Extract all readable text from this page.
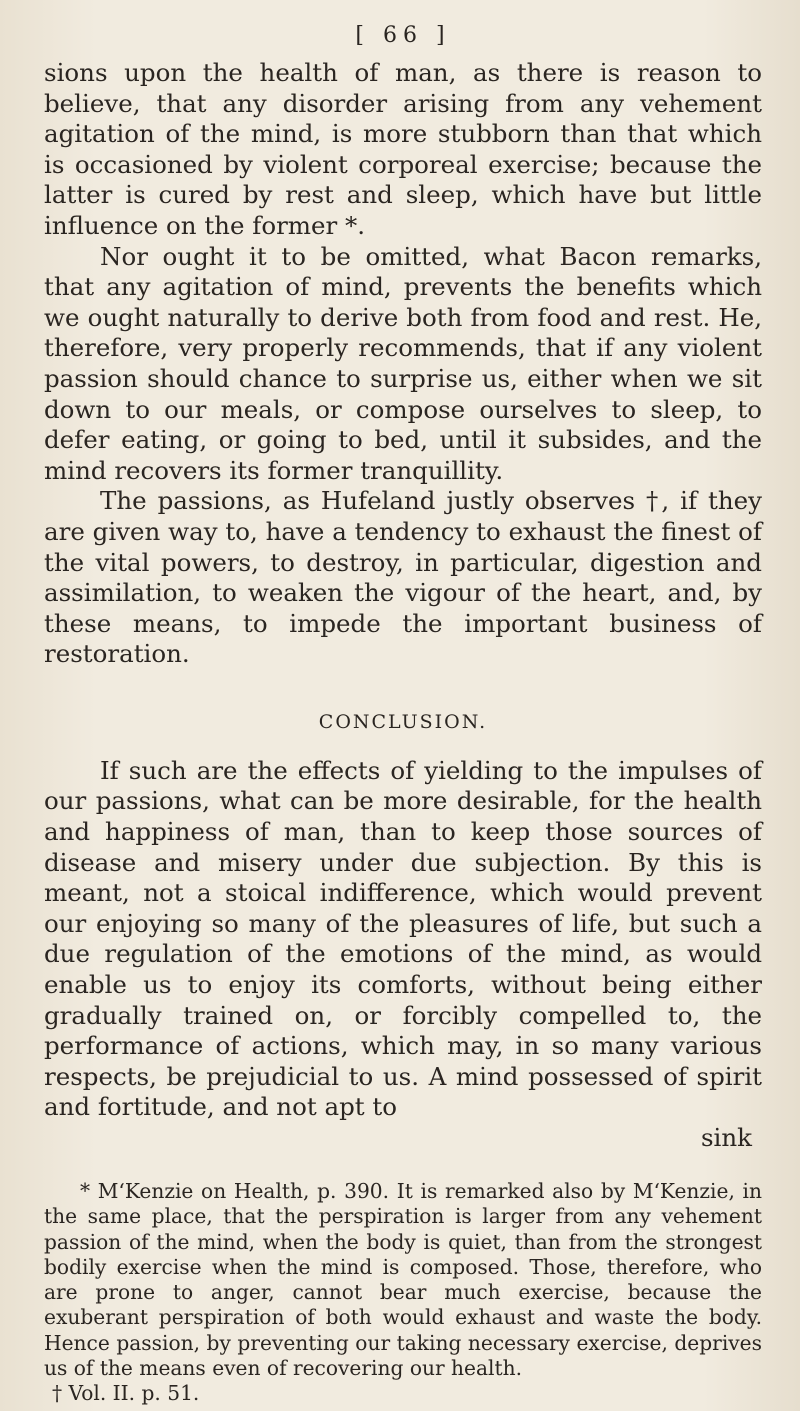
[ 66 ]

sions upon the health of man, as there is reason to believe, that any disorder arising from any vehement agitation of the mind, is more stubborn than that which is occasioned by violent corporeal exercise; because the latter is cured by rest and sleep, which have but little influence on the former *.

Nor ought it to be omitted, what Bacon remarks, that any agitation of mind, prevents the benefits which we ought naturally to derive both from food and rest. He, therefore, very properly recommends, that if any violent passion should chance to surprise us, either when we sit down to our meals, or compose ourselves to sleep, to defer eating, or going to bed, until it subsides, and the mind recovers its former tranquillity.

The passions, as Hufeland justly observes †, if they are given way to, have a tendency to exhaust the finest of the vital powers, to destroy, in particular, digestion and assimilation, to weaken the vigour of the heart, and, by these means, to impede the important business of restoration.

CONCLUSION.

If such are the effects of yielding to the impulses of our passions, what can be more desirable, for the health and happiness of man, than to keep those sources of disease and misery under due subjection. By this is meant, not a stoical indifference, which would prevent our enjoying so many of the pleasures of life, but such a due regulation of the emotions of the mind, as would enable us to enjoy its comforts, without being either gradually trained on, or forcibly compelled to, the performance of actions, which may, in so many various respects, be prejudicial to us. A mind possessed of spirit and fortitude, and not apt to

sink

* M‘Kenzie on Health, p. 390. It is remarked also by M‘Kenzie, in the same place, that the perspiration is larger from any vehement passion of the mind, when the body is quiet, than from the strongest bodily exercise when the mind is composed. Those, therefore, who are prone to anger, cannot bear much exercise, because the exuberant perspiration of both would exhaust and waste the body. Hence passion, by preventing our taking necessary exercise, deprives us of the means even of recovering our health.

† Vol. II. p. 51.
